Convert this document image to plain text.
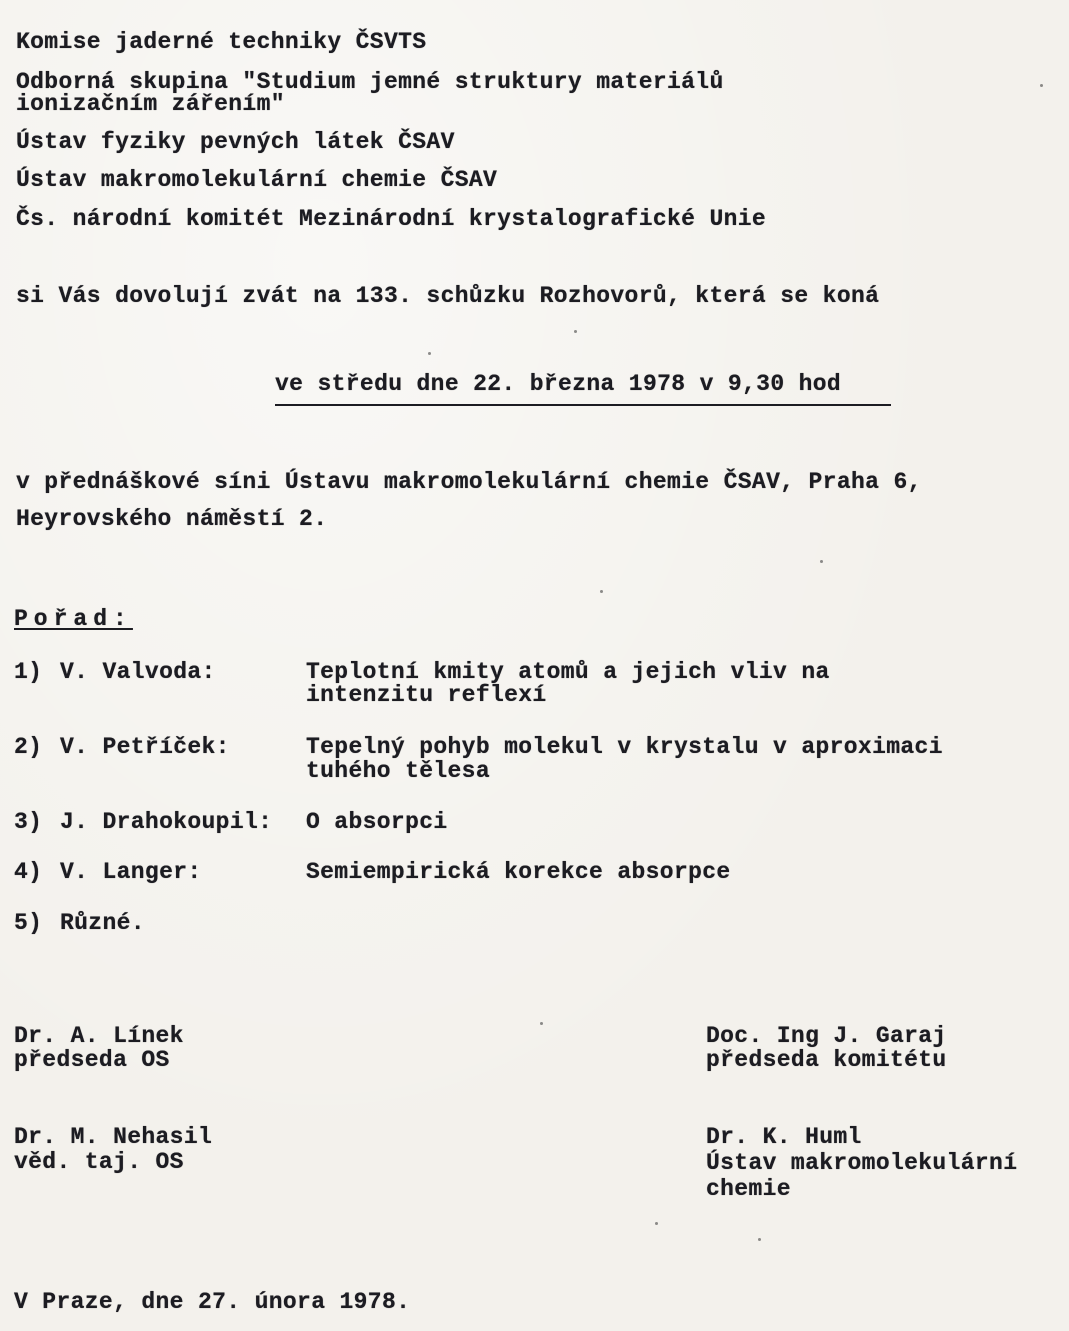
Komise jaderné techniky ČSVTS
Odborná skupina "Studium jemné struktury materiálů
ionizačním zářením"
Ústav fyziky pevných látek ČSAV
Ústav makromolekulární chemie ČSAV
Čs. národní komitét Mezinárodní krystalografické Unie
si Vás dovolují zvát na 133. schůzku Rozhovorů, která se koná
ve středu dne 22. března 1978 v 9,30 hod
v přednáškové síni Ústavu makromolekulární chemie ČSAV, Praha 6,
Heyrovského náměstí 2.
Pořad:
1) V. Valvoda:	Teplotní kmity atomů a jejich vliv na
intenzitu reflexí
2) V. Petříček:	Tepelný pohyb molekul v krystalu v aproximaci
tuhého tělesa
3) J. Drahokoupil: O absorpci
4) V. Langer:	Semiempirická korekce absorpce
5) Různé.
Dr. A. Línek
předseda OS
Doc. Ing J. Garaj
předseda komitétu
Dr. M. Nehasil
věd. taj. OS
Dr. K. Huml
Ústav makromolekulární
chemie
V Praze, dne 27. února 1978.
